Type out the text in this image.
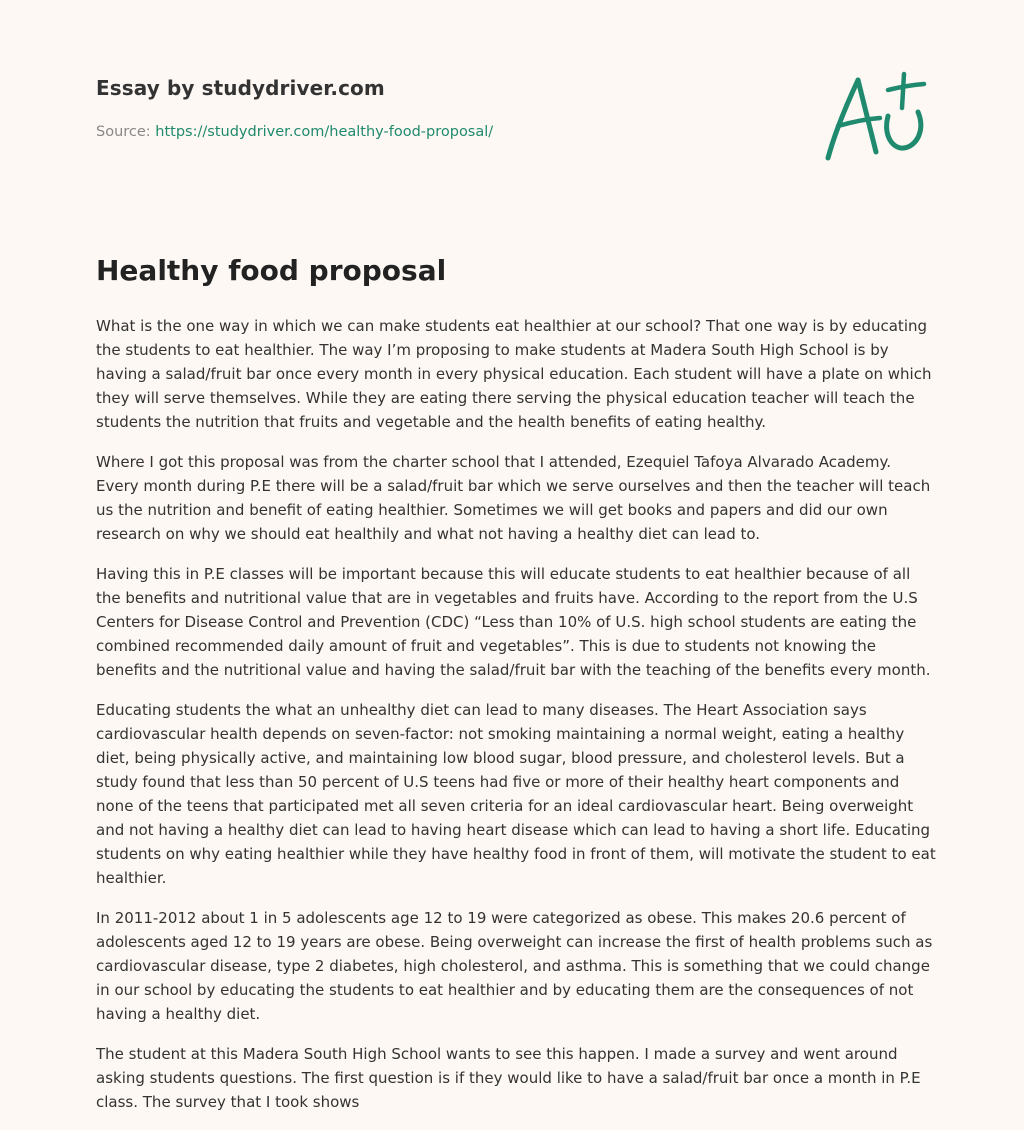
Essay by studydriver.com
Source: https://studydriver.com/healthy-food-proposal/
Healthy food proposal

What is the one way in which we can make students eat healthier at our school? That one way is by educating the students to eat healthier. The way I’m proposing to make students at Madera South High School is by having a salad/fruit bar once every month in every physical education. Each student will have a plate on which they will serve themselves. While they are eating there serving the physical education teacher will teach the students the nutrition that fruits and vegetable and the health benefits of eating healthy.

Where I got this proposal was from the charter school that I attended, Ezequiel Tafoya Alvarado Academy. Every month during P.E there will be a salad/fruit bar which we serve ourselves and then the teacher will teach us the nutrition and benefit of eating healthier. Sometimes we will get books and papers and did our own research on why we should eat healthily and what not having a healthy diet can lead to.

Having this in P.E classes will be important because this will educate students to eat healthier because of all the benefits and nutritional value that are in vegetables and fruits have. According to the report from the U.S Centers for Disease Control and Prevention (CDC) “Less than 10% of U.S. high school students are eating the combined recommended daily amount of fruit and vegetables”. This is due to students not knowing the benefits and the nutritional value and having the salad/fruit bar with the teaching of the benefits every month.

Educating students the what an unhealthy diet can lead to many diseases. The Heart Association says cardiovascular health depends on seven-factor: not smoking maintaining a normal weight, eating a healthy diet, being physically active, and maintaining low blood sugar, blood pressure, and cholesterol levels. But a study found that less than 50 percent of U.S teens had five or more of their healthy heart components and none of the teens that participated met all seven criteria for an ideal cardiovascular heart. Being overweight and not having a healthy diet can lead to having heart disease which can lead to having a short life. Educating students on why eating healthier while they have healthy food in front of them, will motivate the student to eat healthier.

In 2011-2012 about 1 in 5 adolescents age 12 to 19 were categorized as obese. This makes 20.6 percent of adolescents aged 12 to 19 years are obese. Being overweight can increase the first of health problems such as cardiovascular disease, type 2 diabetes, high cholesterol, and asthma. This is something that we could change in our school by educating the students to eat healthier and by educating them are the consequences of not having a healthy diet.

The student at this Madera South High School wants to see this happen. I made a survey and went around asking students questions. The first question is if they would like to have a salad/fruit bar once a month in P.E class. The survey that I took shows
